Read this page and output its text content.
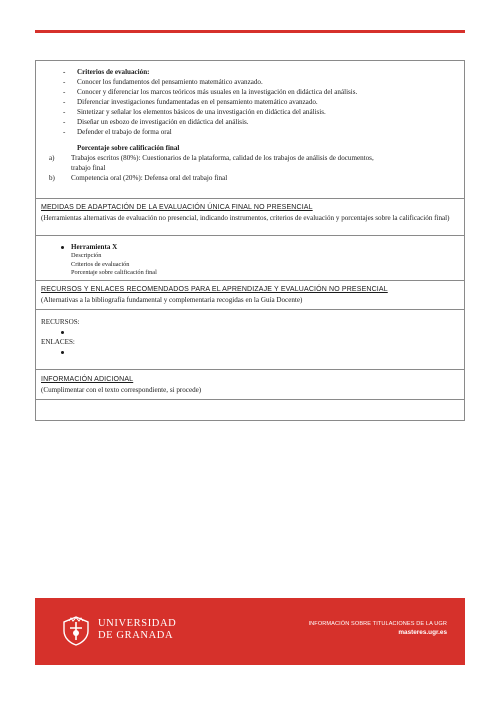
- Criterios de evaluación:
- Conocer los fundamentos del pensamiento matemático avanzado.
- Conocer y diferenciar los marcos teóricos más usuales en la investigación en didáctica del análisis.
- Diferenciar investigaciones fundamentadas en el pensamiento matemático avanzado.
- Sintetizar y señalar los elementos básicos de una investigación en didáctica del análisis.
- Diseñar un esbozo de investigación en didáctica del análisis.
- Defender el trabajo de forma oral
Porcentaje sobre calificación final
a) Trabajos escritos (80%): Cuestionarios de la plataforma, calidad de los trabajos de análisis de documentos,
trabajo final
b) Competencia oral (20%): Defensa oral del trabajo final
MEDIDAS DE ADAPTACIÓN DE LA EVALUACIÓN ÚNICA FINAL NO PRESENCIAL
(Herramientas alternativas de evaluación no presencial, indicando instrumentos, criterios de evaluación y porcentajes sobre la calificación final)
Herramienta X
Descripción
Criterios de evaluación
Porcentaje sobre calificación final
RECURSOS Y ENLACES RECOMENDADOS PARA EL APRENDIZAJE Y EVALUACIÓN NO PRESENCIAL
(Alternativas a la bibliografía fundamental y complementaria recogidas en la Guía Docente)
RECURSOS:

ENLACES:

INFORMACIÓN ADICIONAL
(Cumplimentar con el texto correspondiente, si procede)
UNIVERSIDAD
DE GRANADA
INFORMACIÓN SOBRE TITULACIONES DE LA UGR
masteres.ugr.es
